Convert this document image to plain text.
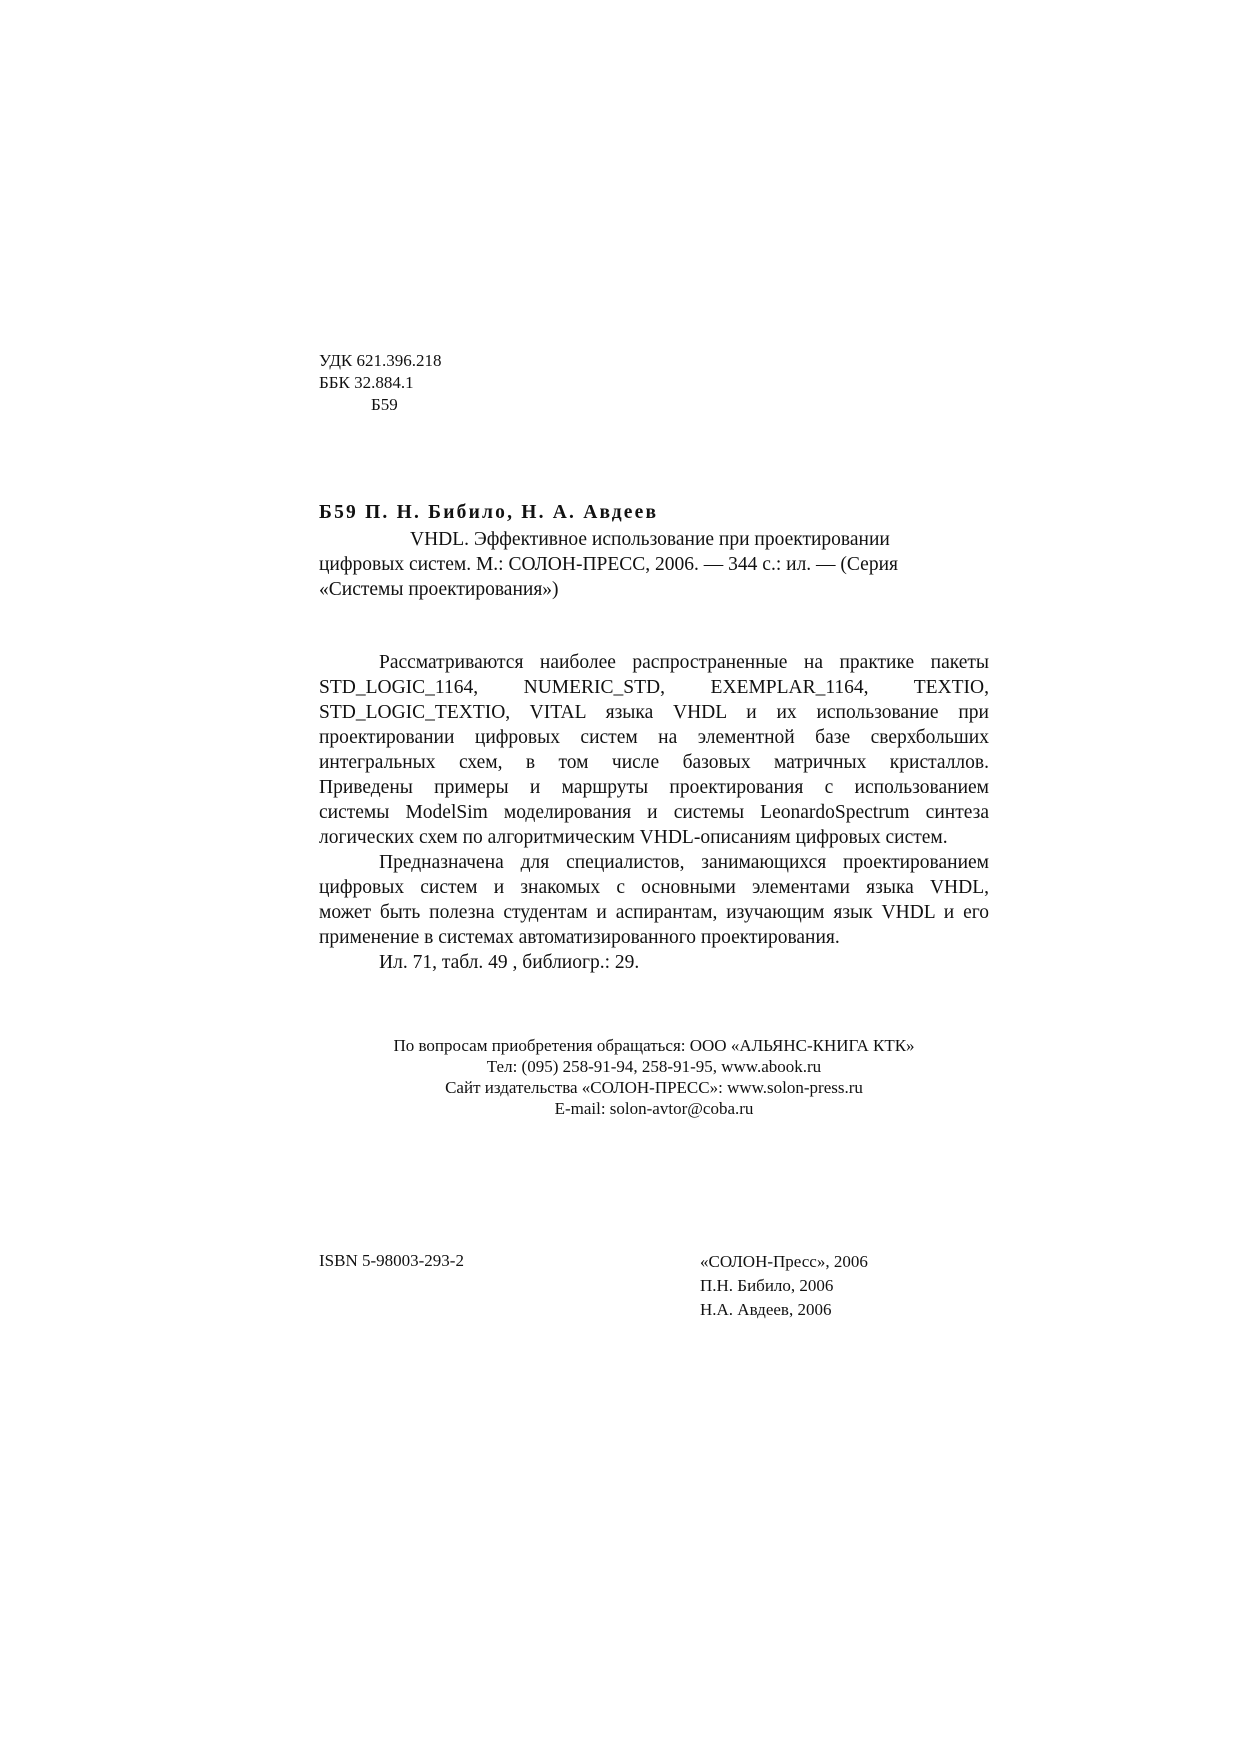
УДК 621.396.218
ББК 32.884.1
Б59
Б59 П. Н. Бибило, Н. А. Авдеев
VHDL. Эффективное использование при проектировании
цифровых систем. М.: СОЛОН-ПРЕСС, 2006. — 344 с.: ил. — (Серия
«Системы проектирования»)

Рассматриваются наиболее распространенные на практике пакеты

STD_LOGIC_1164, NUMERIC_STD, EXEMPLAR_1164, TEXTIO,

STD_LOGIC_TEXTIO, VITAL языка VHDL и их использование при

проектировании цифровых систем на элементной базе сверхбольших

интегральных схем, в том числе базовых матричных кристаллов.

Приведены примеры и маршруты проектирования с использованием

системы ModelSim моделирования и системы LeonardoSpectrum синтеза

логических схем по алгоритмическим VHDL-описаниям цифровых систем.

Предназначена для специалистов, занимающихся проектированием

цифровых систем и знакомых с основными элементами языка VHDL,

может быть полезна студентам и аспирантам, изучающим язык VHDL и его

применение в системах автоматизированного проектирования.

Ил. 71, табл. 49 , библиогр.: 29.

По вопросам приобретения обращаться: ООО «АЛЬЯНС-КНИГА КТК»
Тел: (095) 258-91-94, 258-91-95, www.abook.ru
Сайт издательства «СОЛОН-ПРЕСС»: www.solon-press.ru
E-mail: solon-avtor@coba.ru
ISBN 5-98003-293-2	«СОЛОН-Пресс», 2006
П.Н. Бибило, 2006
Н.А. Авдеев, 2006
